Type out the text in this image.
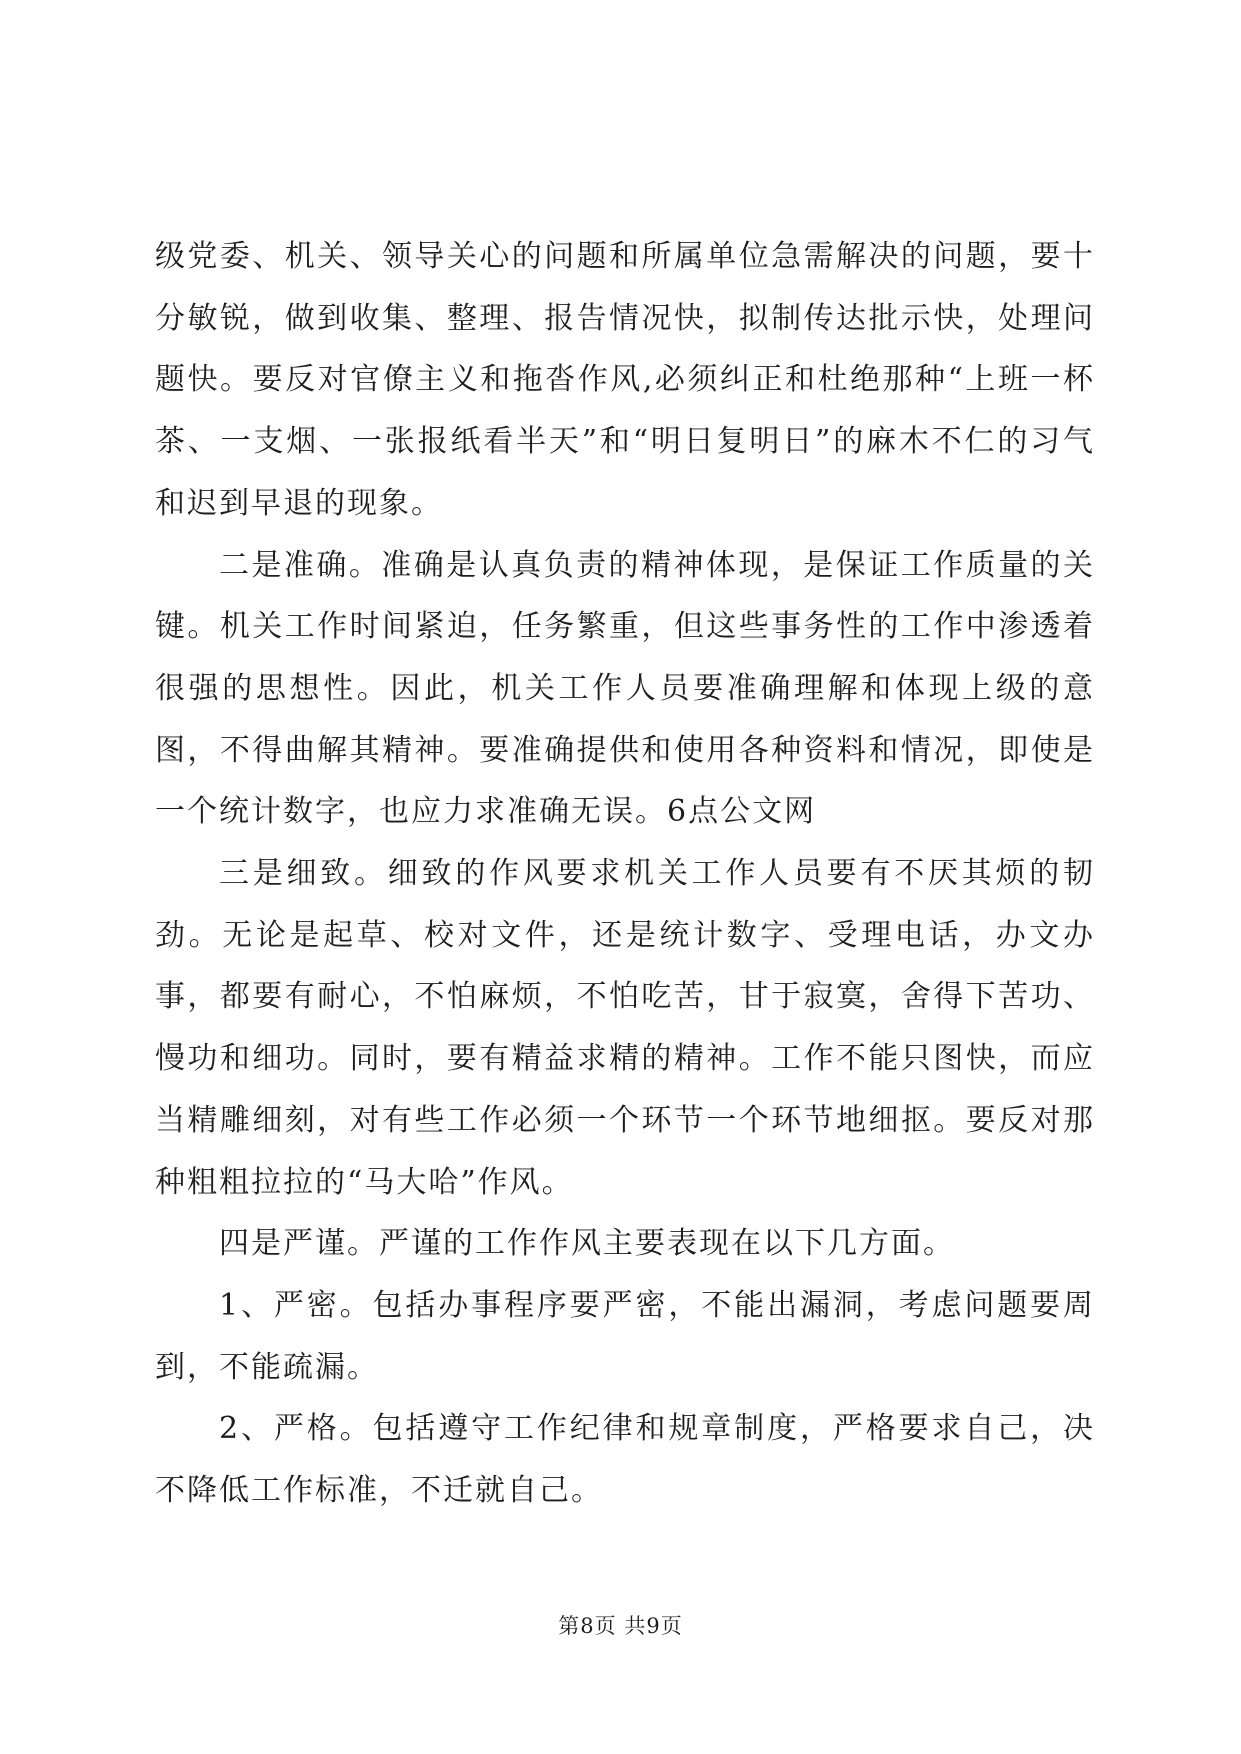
级党委、机关、领导关心的问题和所属单位急需解决的问题，要十分敏锐，做到收集、整理、报告情况快，拟制传达批示快，处理问题快。要反对官僚主义和拖沓作风,必须纠正和杜绝那种“上班一杯茶、一支烟、一张报纸看半天”和“明日复明日”的麻木不仁的习气和迟到早退的现象。

二是准确。准确是认真负责的精神体现，是保证工作质量的关键。机关工作时间紧迫，任务繁重，但这些事务性的工作中渗透着很强的思想性。因此，机关工作人员要准确理解和体现上级的意图，不得曲解其精神。要准确提供和使用各种资料和情况，即使是一个统计数字，也应力求准确无误。6点公文网

三是细致。细致的作风要求机关工作人员要有不厌其烦的韧劲。无论是起草、校对文件，还是统计数字、受理电话，办文办事，都要有耐心，不怕麻烦，不怕吃苦，甘于寂寞，舍得下苦功、慢功和细功。同时，要有精益求精的精神。工作不能只图快，而应当精雕细刻，对有些工作必须一个环节一个环节地细抠。要反对那种粗粗拉拉的“马大哈”作风。

四是严谨。严谨的工作作风主要表现在以下几方面。

1、严密。包括办事程序要严密，不能出漏洞，考虑问题要周到，不能疏漏。

2、严格。包括遵守工作纪律和规章制度，严格要求自己，决不降低工作标准，不迁就自己。

第8页 共9页
